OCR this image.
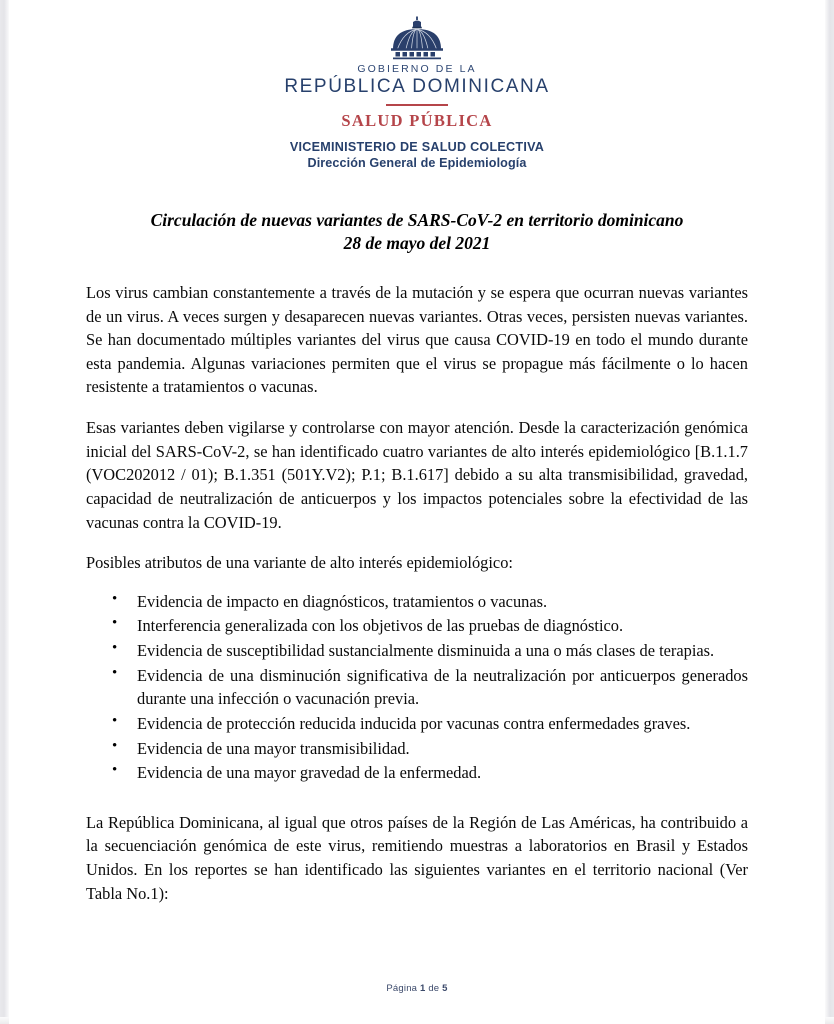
GOBIERNO DE LA
REPÚBLICA DOMINICANA
SALUD PÚBLICA
VICEMINISTERIO DE SALUD COLECTIVA
Dirección General de Epidemiología
Circulación de nuevas variantes de SARS-CoV-2 en territorio dominicano
28 de mayo del 2021

Los virus cambian constantemente a través de la mutación y se espera que ocurran nuevas variantes de un virus. A veces surgen y desaparecen nuevas variantes. Otras veces, persisten nuevas variantes. Se han documentado múltiples variantes del virus que causa COVID-19 en todo el mundo durante esta pandemia. Algunas variaciones permiten que el virus se propague más fácilmente o lo hacen resistente a tratamientos o vacunas.

Esas variantes deben vigilarse y controlarse con mayor atención. Desde la caracterización genómica inicial del SARS-CoV-2, se han identificado cuatro variantes de alto interés epidemiológico [B.1.1.7 (VOC202012 / 01); B.1.351 (501Y.V2); P.1; B.1.617] debido a su alta transmisibilidad, gravedad, capacidad de neutralización de anticuerpos y los impactos potenciales sobre la efectividad de las vacunas contra la COVID-19.

Posibles atributos de una variante de alto interés epidemiológico:

• Evidencia de impacto en diagnósticos, tratamientos o vacunas.
• Interferencia generalizada con los objetivos de las pruebas de diagnóstico.
• Evidencia de susceptibilidad sustancialmente disminuida a una o más clases de terapias.
• Evidencia de una disminución significativa de la neutralización por anticuerpos generados durante una infección o vacunación previa.
• Evidencia de protección reducida inducida por vacunas contra enfermedades graves.
• Evidencia de una mayor transmisibilidad.
• Evidencia de una mayor gravedad de la enfermedad.

La República Dominicana, al igual que otros países de la Región de Las Américas, ha contribuido a la secuenciación genómica de este virus, remitiendo muestras a laboratorios en Brasil y Estados Unidos. En los reportes se han identificado las siguientes variantes en el territorio nacional (Ver Tabla No.1):

Página 1 de 5
